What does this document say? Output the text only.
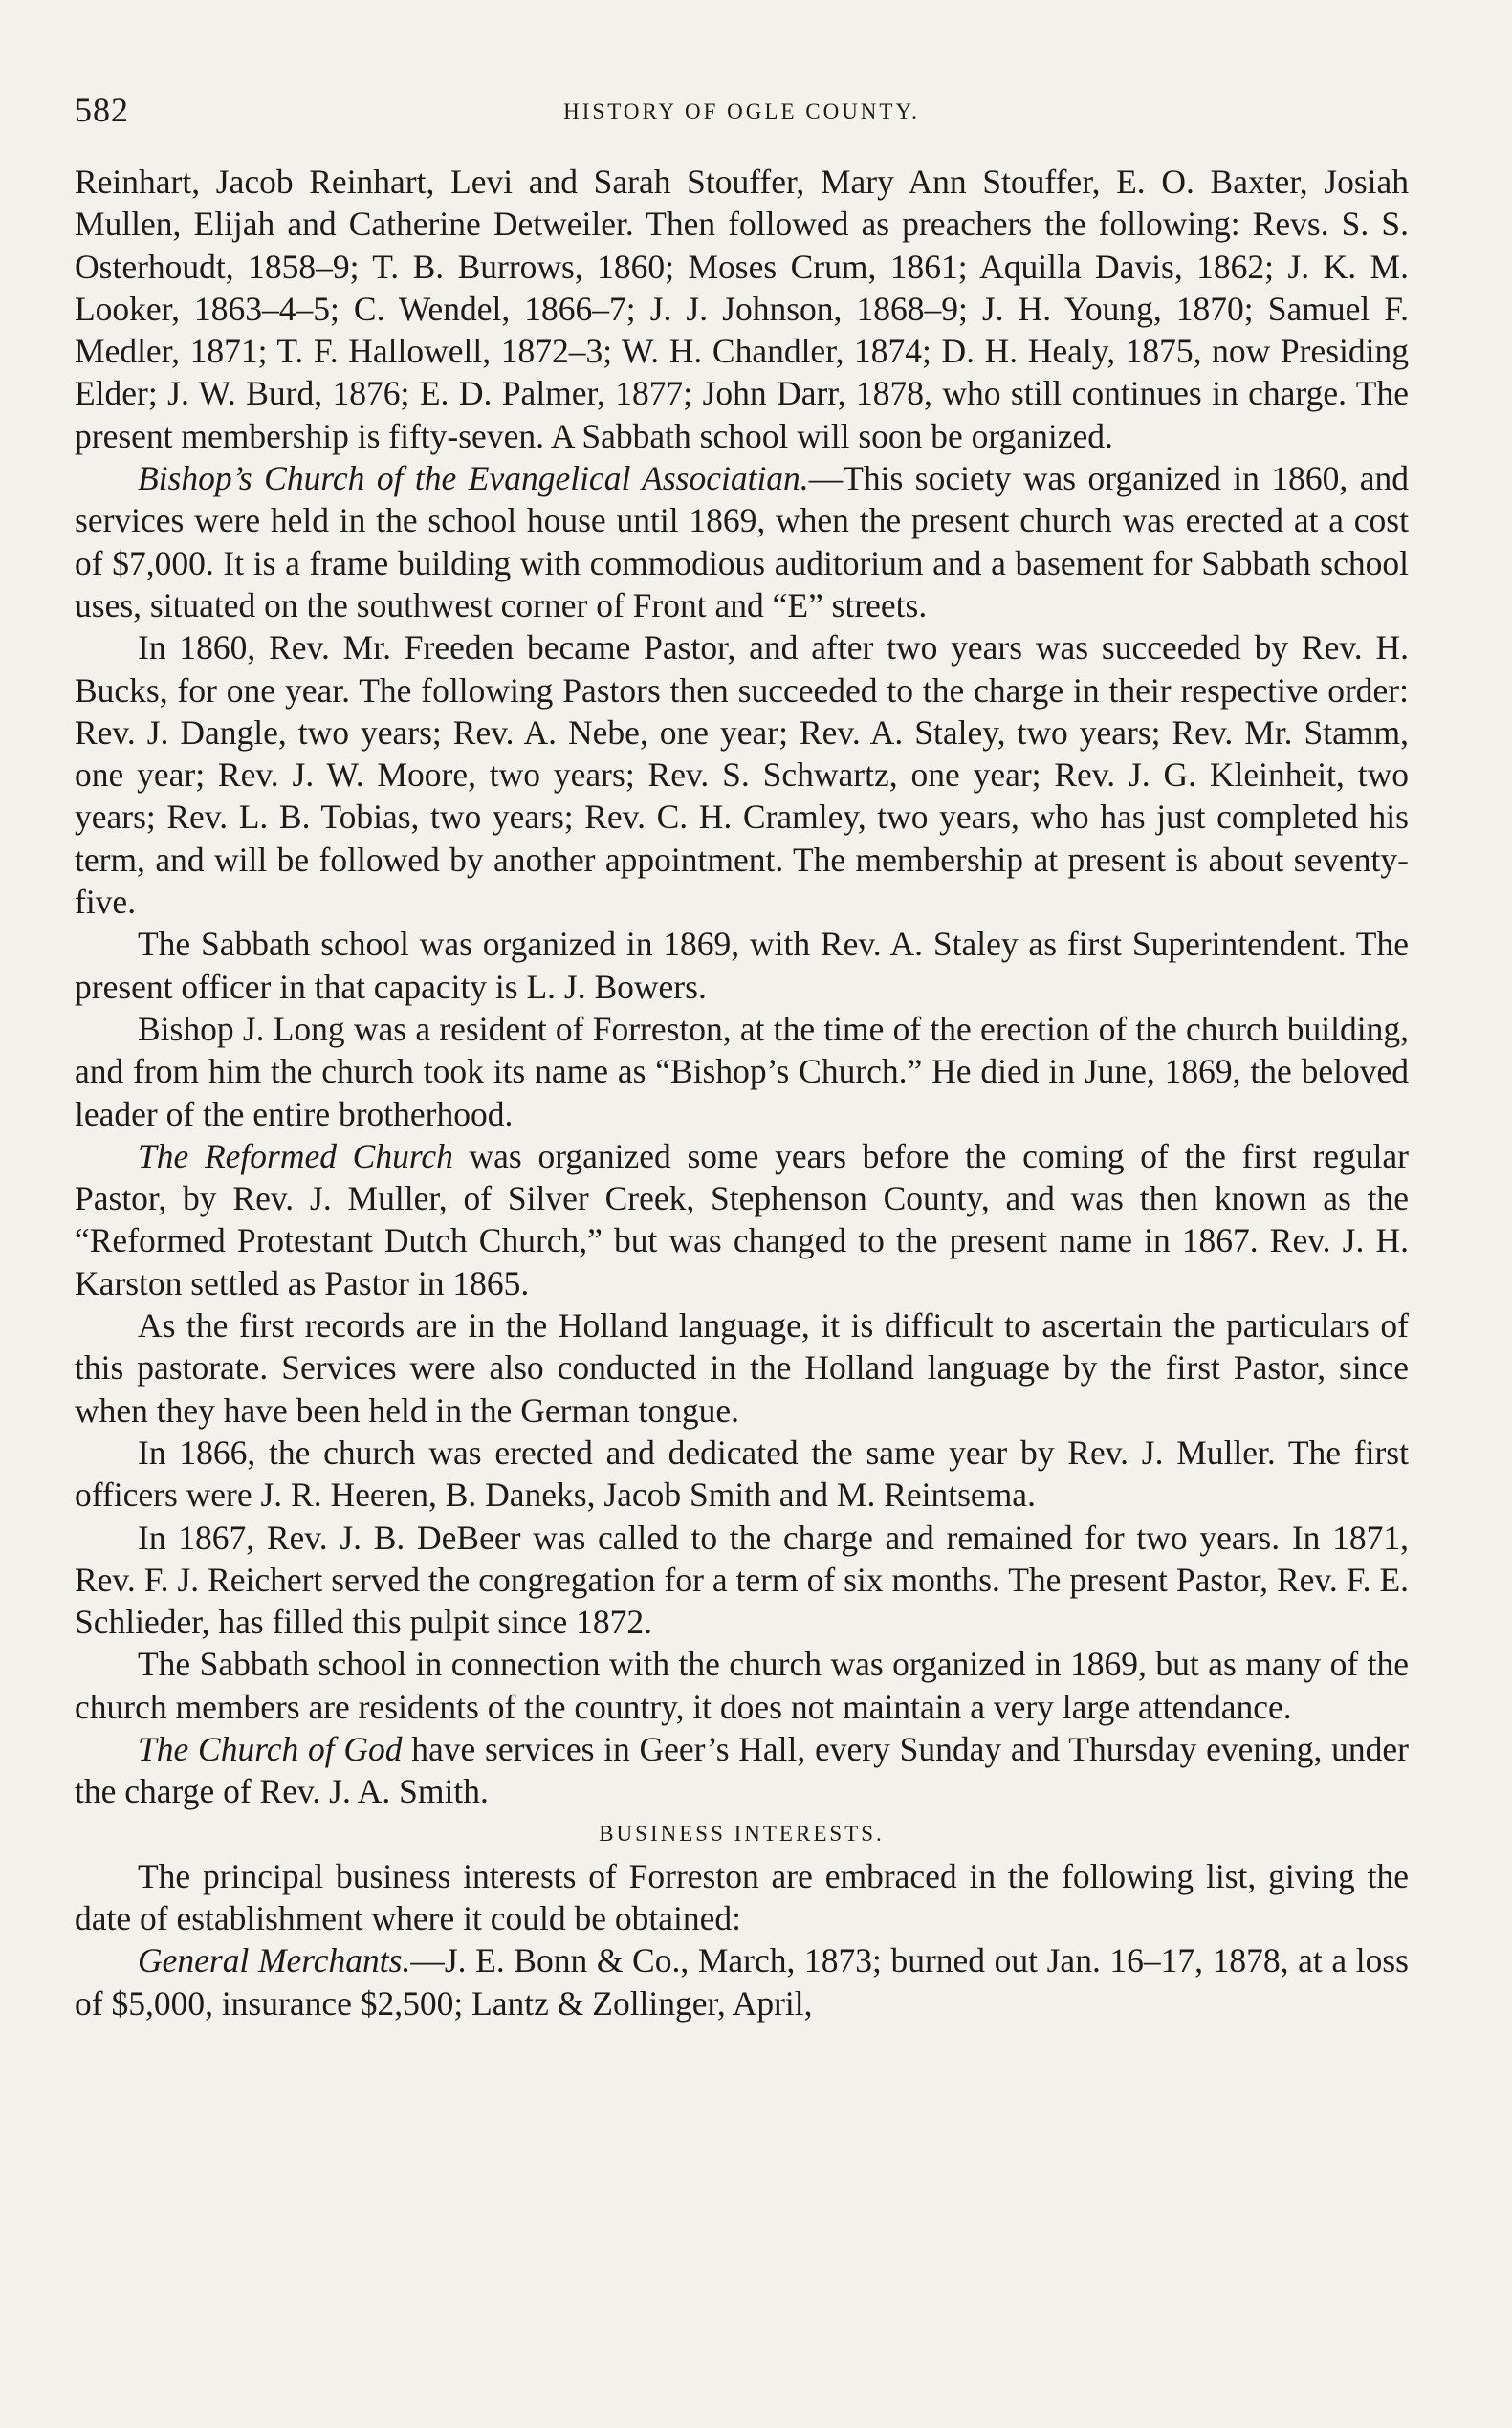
582	HISTORY OF OGLE COUNTY.

Reinhart, Jacob Reinhart, Levi and Sarah Stouffer, Mary Ann Stouffer, E. O. Baxter, Josiah Mullen, Elijah and Catherine Detweiler. Then followed as preachers the following: Revs. S. S. Osterhoudt, 1858–9; T. B. Burrows, 1860; Moses Crum, 1861; Aquilla Davis, 1862; J. K. M. Looker, 1863–4–5; C. Wendel, 1866–7; J. J. Johnson, 1868–9; J. H. Young, 1870; Samuel F. Medler, 1871; T. F. Hallowell, 1872–3; W. H. Chandler, 1874; D. H. Healy, 1875, now Presiding Elder; J. W. Burd, 1876; E. D. Palmer, 1877; John Darr, 1878, who still continues in charge. The present membership is fifty-seven. A Sabbath school will soon be organized.

Bishop’s Church of the Evangelical Associatian.—This society was organized in 1860, and services were held in the school house until 1869, when the present church was erected at a cost of $7,000. It is a frame building with commodious auditorium and a basement for Sabbath school uses, situated on the southwest corner of Front and “E” streets.

In 1860, Rev. Mr. Freeden became Pastor, and after two years was succeeded by Rev. H. Bucks, for one year. The following Pastors then succeeded to the charge in their respective order: Rev. J. Dangle, two years; Rev. A. Nebe, one year; Rev. A. Staley, two years; Rev. Mr. Stamm, one year; Rev. J. W. Moore, two years; Rev. S. Schwartz, one year; Rev. J. G. Kleinheit, two years; Rev. L. B. Tobias, two years; Rev. C. H. Cramley, two years, who has just completed his term, and will be followed by another appointment. The membership at present is about seventy-five.

The Sabbath school was organized in 1869, with Rev. A. Staley as first Superintendent. The present officer in that capacity is L. J. Bowers.

Bishop J. Long was a resident of Forreston, at the time of the erection of the church building, and from him the church took its name as “Bishop’s Church.” He died in June, 1869, the beloved leader of the entire brotherhood.

The Reformed Church was organized some years before the coming of the first regular Pastor, by Rev. J. Muller, of Silver Creek, Stephenson County, and was then known as the “Reformed Protestant Dutch Church,” but was changed to the present name in 1867. Rev. J. H. Karston settled as Pastor in 1865.

As the first records are in the Holland language, it is difficult to ascertain the particulars of this pastorate. Services were also conducted in the Holland language by the first Pastor, since when they have been held in the German tongue.

In 1866, the church was erected and dedicated the same year by Rev. J. Muller. The first officers were J. R. Heeren, B. Daneks, Jacob Smith and M. Reintsema.

In 1867, Rev. J. B. DeBeer was called to the charge and remained for two years. In 1871, Rev. F. J. Reichert served the congregation for a term of six months. The present Pastor, Rev. F. E. Schlieder, has filled this pulpit since 1872.

The Sabbath school in connection with the church was organized in 1869, but as many of the church members are residents of the country, it does not maintain a very large attendance.

The Church of God have services in Geer’s Hall, every Sunday and Thursday evening, under the charge of Rev. J. A. Smith.

BUSINESS INTERESTS.

The principal business interests of Forreston are embraced in the following list, giving the date of establishment where it could be obtained:

General Merchants.—J. E. Bonn & Co., March, 1873; burned out Jan. 16–17, 1878, at a loss of $5,000, insurance $2,500; Lantz & Zollinger, April,
